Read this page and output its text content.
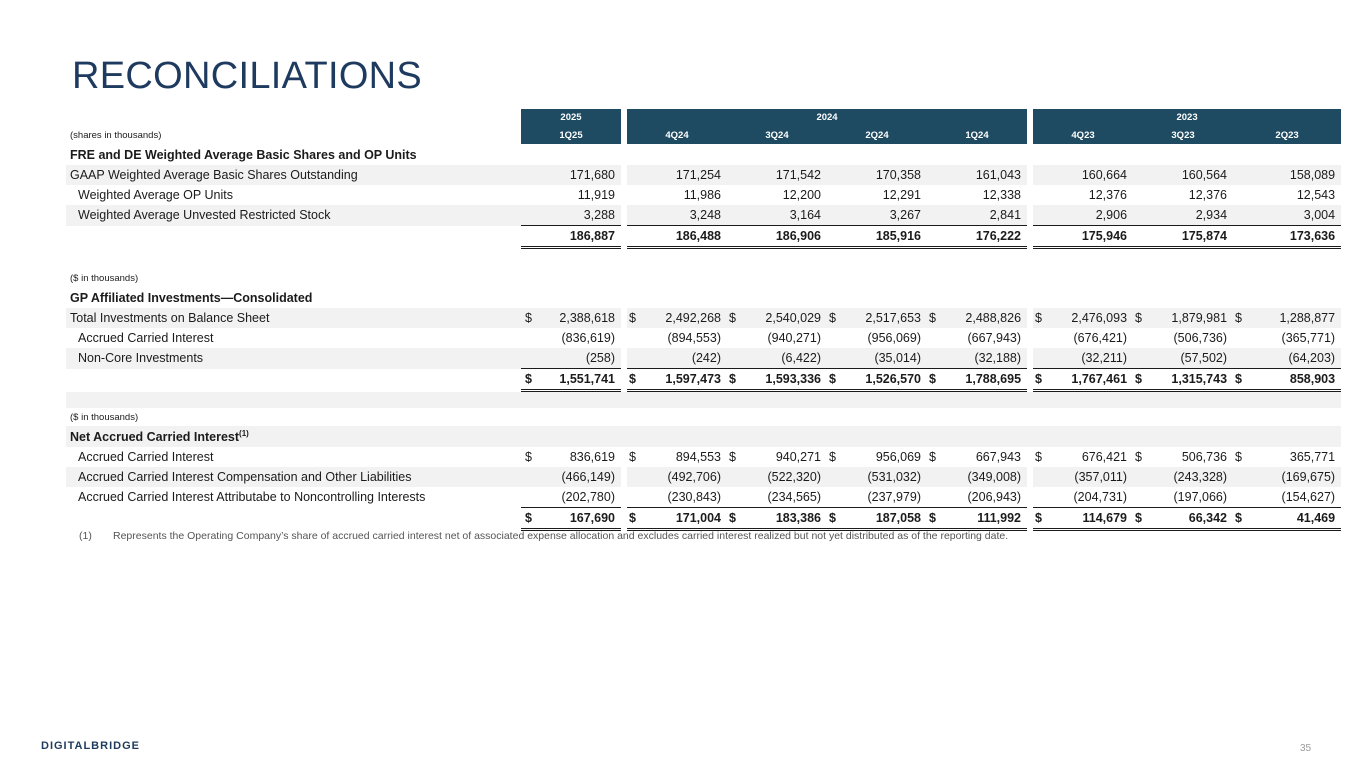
RECONCILIATIONS
	2025		2024									2023					
(shares in thousands)	1Q25		4Q24		3Q24		2Q24		1Q24			4Q23		3Q23		2Q23	
FRE and DE Weighted Average Basic Shares and OP Units																	
GAAP Weighted Average Basic Shares Outstanding	171,680			171,254		171,542		170,358		161,043			160,664		160,564		158,089
Weighted Average OP Units	11,919			11,986		12,200		12,291		12,338			12,376		12,376		12,543
Weighted Average Unvested Restricted Stock	3,288			3,248		3,164		3,267		2,841			2,906		2,934		3,004
	186,887			186,488		186,906		185,916		176,222			175,946		175,874		173,636

($ in thousands)																	
GP Affiliated Investments—Consolidated																	
Total Investments on Balance Sheet	$ 2,388,618		$	2,492,268	$	2,540,029	$	2,517,653	$	2,488,826		$	2,476,093	$	1,879,981	$	1,288,877
Accrued Carried Interest	(836,619)			(894,553)		(940,271)		(956,069)		(667,943)			(676,421)		(506,736)		(365,771)
Non-Core Investments	(258)			(242)		(6,422)		(35,014)		(32,188)			(32,211)		(57,502)		(64,203)

	$ 1,551,741		$	1,597,473	$	1,593,336	$	1,526,570	$	1,788,695		$	1,767,461	$	1,315,743	$	858,903

($ in thousands)																	
Net Accrued Carried Interest$^{(1)}$
Accrued Carried Interest	$ 836,619		$	894,553	$	940,271	$	956,069	$	667,943		$	676,421	$	506,736	$	365,771
Accrued Carried Interest Compensation and Other Liabilities	(466,149)			(492,706)		(522,320)		(531,032)		(349,008)			(357,011)		(243,328)		(169,675)
Accrued Carried Interest Attributabe to Noncontrolling Interests	(202,780)			(230,843)		(234,565)		(237,979)		(206,943)			(204,731)		(197,066)		(154,627)

	$ 167,690		$	171,004	$	183,386	$	187,058	$	111,992		$	114,679	$	66,342	$	41,469
(1) Represents the Operating Company’s share of accrued carried interest net of associated expense allocation and excludes carried interest realized but not yet distributed as of the reporting date.
DIGITALBRIDGE	35
